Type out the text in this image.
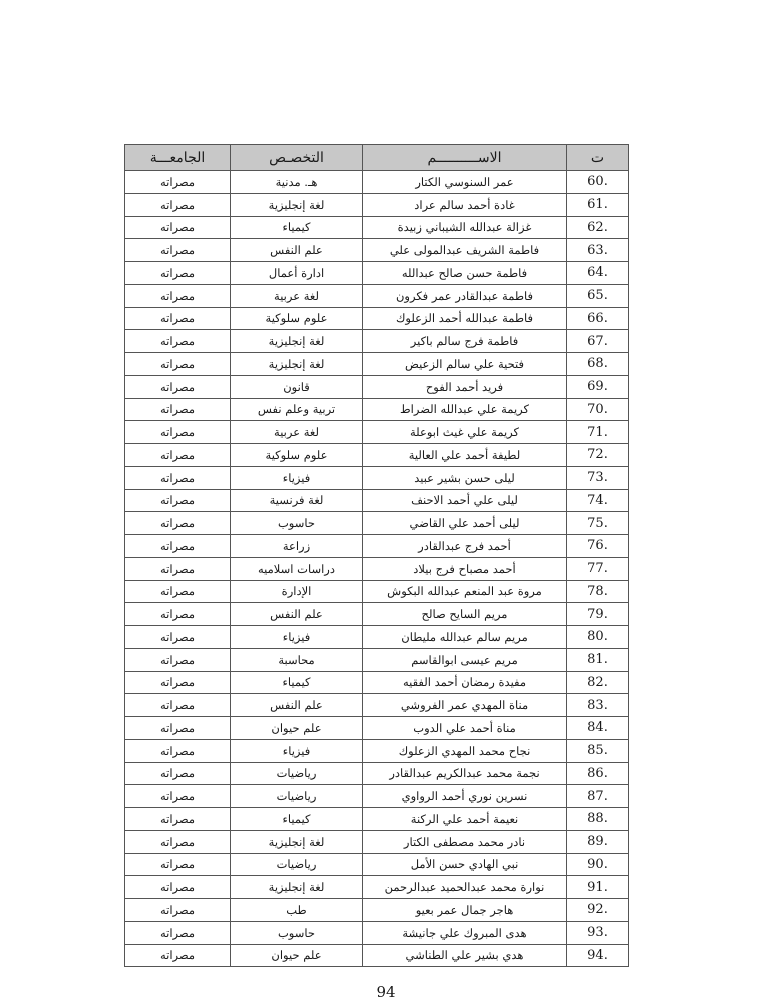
ت	الاســــــــــم	التخصـص	الجامعـــة
60.	عمر السنوسي الكتار	هـ. مدنية	مصراته
61.	غادة أحمد سالم عراد	لغة إنجليزية	مصراته
62.	غزالة عبدالله الشيباني زبيدة	كيمياء	مصراته
63.	فاطمة الشريف عبدالمولى علي	علم النفس	مصراته
64.	فاطمة حسن صالح عبدالله	ادارة أعمال	مصراته
65.	فاطمة عبدالقادر عمر فكرون	لغة عربية	مصراته
66.	فاطمة عبدالله أحمد الزعلوك	علوم سلوكية	مصراته
67.	فاطمة فرج سالم باكير	لغة إنجليزية	مصراته
68.	فتحية علي سالم الزعيض	لغة إنجليزية	مصراته
69.	فريد أحمد الفوح	قانون	مصراته
70.	كريمة علي عبدالله الضراط	تربية وعلم نفس	مصراته
71.	كريمة علي غيث ابوعلة	لغة عربية	مصراته
72.	لطيفة أحمد علي العالية	علوم سلوكية	مصراته
73.	ليلى حسن بشير عبيد	فيزياء	مصراته
74.	ليلى علي أحمد الاحنف	لغة فرنسية	مصراته
75.	ليلى أحمد علي القاضي	حاسوب	مصراته
76.	أحمد فرج عبدالقادر	زراعة	مصراته
77.	أحمد مصباح فرج بيلاد	دراسات اسلاميه	مصراته
78.	مروة عبد المنعم عبدالله البكوش	الإدارة	مصراته
79.	مريم السايح صالح	علم النفس	مصراته
80.	مريم سالم عبدالله مليطان	فيزياء	مصراته
81.	مريم عيسى ابوالقاسم	محاسبة	مصراته
82.	مفيدة رمضان أحمد الفقيه	كيمياء	مصراته
83.	مناة المهدي عمر الفروشي	علم النفس	مصراته
84.	مناة أحمد علي الدوب	علم حيوان	مصراته
85.	نجاح محمد المهدي الزعلوك	فيزياء	مصراته
86.	نجمة محمد عبدالكريم عبدالقادر	رياضيات	مصراته
87.	نسرين نوري أحمد الرواوي	رياضيات	مصراته
88.	نعيمة أحمد علي الركنة	كيمياء	مصراته
89.	نادر محمد مصطفى الكتار	لغة إنجليزية	مصراته
90.	نبي الهادي حسن الأمل	رياضيات	مصراته
91.	نوارة محمد عبدالحميد عبدالرحمن	لغة إنجليزية	مصراته
92.	هاجر جمال عمر بعيو	طب	مصراته
93.	هدى المبروك علي جانيشة	حاسوب	مصراته
94.	هدي بشير علي الطناشي	علم حيوان	مصراته
94
